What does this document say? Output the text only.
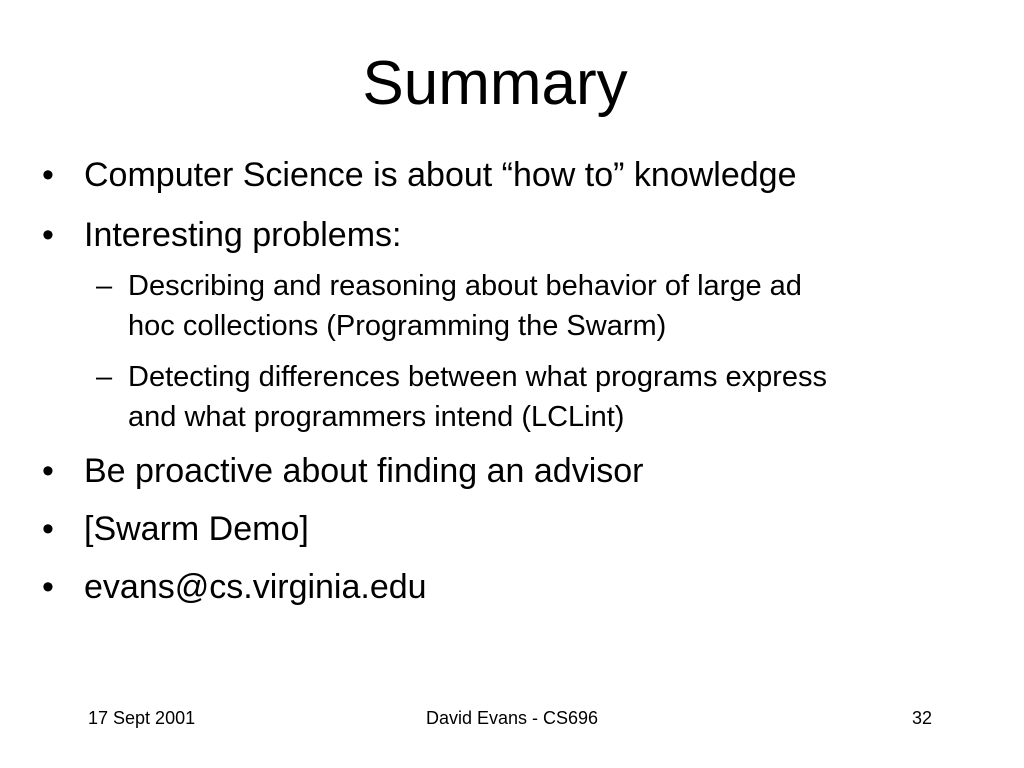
Summary
• Computer Science is about “how to” knowledge
• Interesting problems:
– Describing and reasoning about behavior of large ad
hoc collections (Programming the Swarm)
– Detecting differences between what programs express
and what programmers intend (LCLint)
• Be proactive about finding an advisor
• [Swarm Demo]
• evans@cs.virginia.edu
17 Sept 2001	David Evans - CS696	32
